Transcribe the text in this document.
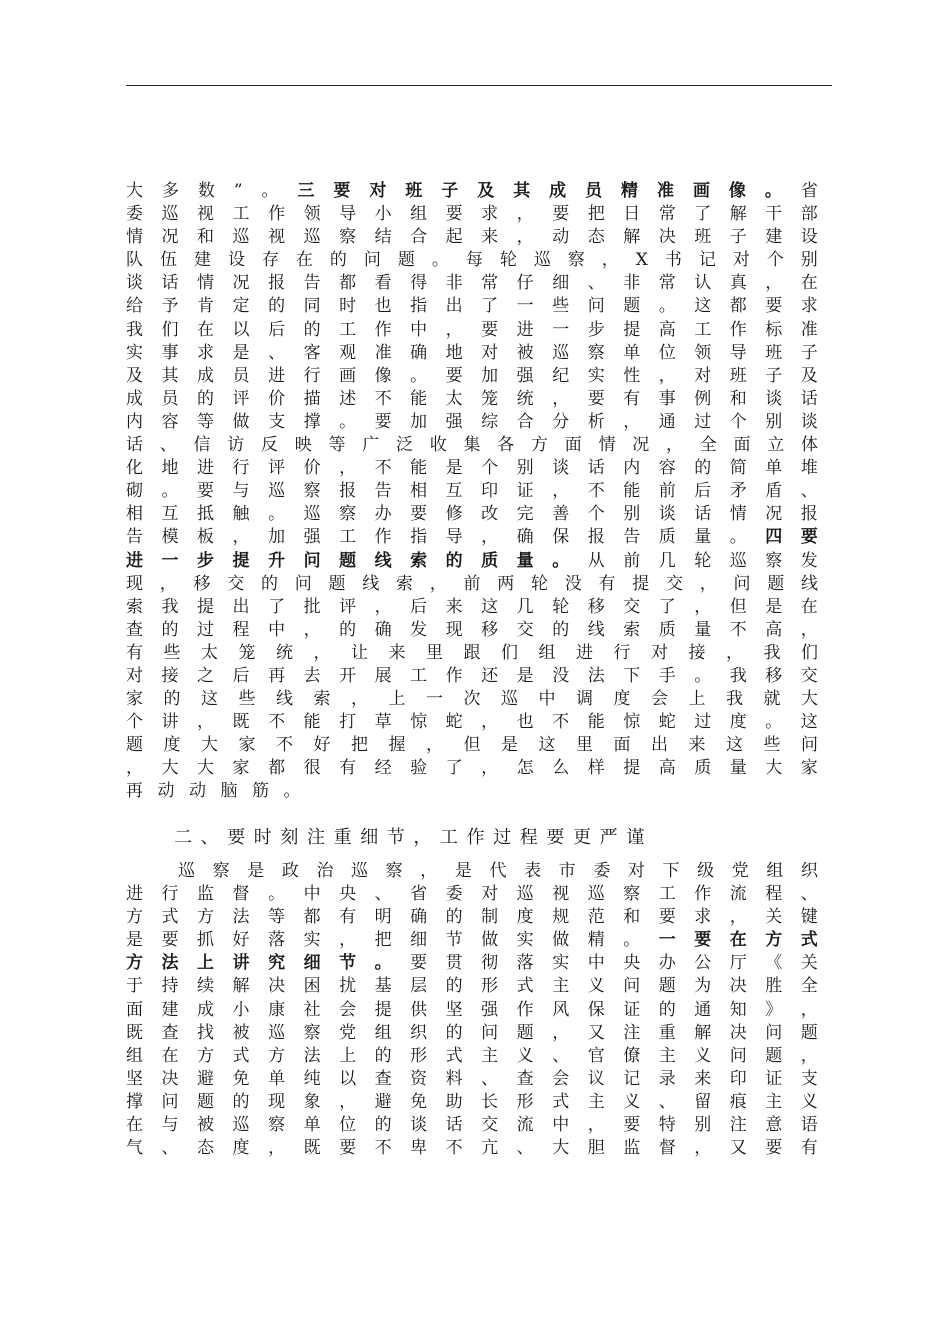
大 多 数 ” 。 三 要 对 班 子 及 其 成 员 精 准 画 像 。 省
委 巡 视 工 作 领 导 小 组 要 求 ， 要 把 日 常 了 解 干 部
情 况 和 巡 视 巡 察 结 合 起 来 ， 动 态 解 决 班 子 建 设
队 伍 建 设 存 在 的 问 题 。 每 轮 巡 察 ， X 书 记 对 个 别
谈 话 情 况 报 告 都 看 得 非 常 仔 细 、 非 常 认 真 ， 在
给 予 肯 定 的 同 时 也 指 出 了 一 些 问 题 。 这 都 要 求
我 们 在 以 后 的 工 作 中 ， 要 进 一 步 提 高 工 作 标 准
实 事 求 是 、 客 观 准 确 地 对 被 巡 察 单 位 领 导 班 子
及 其 成 员 进 行 画 像 。 要 加 强 纪 实 性 ， 对 班 子 及
成 员 的 评 价 描 述 不 能 太 笼 统 ， 要 有 事 例 和 谈 话
内 容 等 做 支 撑 。 要 加 强 综 合 分 析 ， 通 过 个 别 谈
话 、 信 访 反 映 等 广 泛 收 集 各 方 面 情 况 ， 全 面 立 体
化 地 进 行 评 价 ， 不 能 是 个 别 谈 话 内 容 的 简 单 堆
砌 。 要 与 巡 察 报 告 相 互 印 证 ， 不 能 前 后 矛 盾 、
相 互 抵 触 。 巡 察 办 要 修 改 完 善 个 别 谈 话 情 况 报
告 模 板 ， 加 强 工 作 指 导 ， 确 保 报 告 质 量 。 四 要
进 一 步 提 升 问 题 线 索 的 质 量 。 从 前 几 轮 巡 察 发
现 ， 移 交 的 问 题 线 索 ， 前 两 轮 没 有 提 交 ， 问 题 线
索 我 提 出 了 批 评 ， 后 来 这 几 轮 移 交 了 ， 但 是 在
查 的 过 程 中 ， 的 确 发 现 移 交 的 线 索 质 量 不 高 ，
有 些 太 笼 统 ， 让 来 里 跟 们 组 进 行 对 接 ， 我 们
对 接 之 后 再 去 开 展 工 作 还 是 没 法 下 手 。 我 移 交
家 的 这 些 线 索 ， 上 一 次 巡 中 调 度 会 上 我 就 大
个 讲 ， 既 不 能 打 草 惊 蛇 ， 也 不 能 惊 蛇 过 度 。 这
题 度 大 家 不 好 把 握 ， 但 是 这 里 面 出 来 这 些 问
， 大 大 家 都 很 有 经 验 了 ， 怎 么 样 提 高 质 量 大 家
再 动 动 脑 筋 。
二、要时刻注重细节，工作过程要更严谨
巡 察 是 政 治 巡 察 ， 是 代 表 市 委 对 下 级 党 组 织
进 行 监 督 。 中 央 、 省 委 对 巡 视 巡 察 工 作 流 程 、
方 式 方 法 等 都 有 明 确 的 制 度 规 范 和 要 求 ， 关 键
是 要 抓 好 落 实 ， 把 细 节 做 实 做 精 。 一 要 在 方 式
方 法 上 讲 究 细 节 。 要 贯 彻 落 实 中 央 办 公 厅 《 关
于 持 续 解 决 困 扰 基 层 的 形 式 主 义 问 题 为 决 胜 全
面 建 成 小 康 社 会 提 供 坚 强 作 风 保 证 的 通 知 》 ，
既 查 找 被 巡 察 党 组 织 的 问 题 ， 又 注 重 解 决 问 题
组 在 方 式 方 法 上 的 形 式 主 义 、 官 僚 主 义 问 题 ，
坚 决 避 免 单 纯 以 查 资 料 、 查 会 议 记 录 来 印 证 支
撑 问 题 的 现 象 ， 避 免 助 长 形 式 主 义 、 留 痕 主 义
在 与 被 巡 察 单 位 的 谈 话 交 流 中 ， 要 特 别 注 意 语
气 、 态 度 ， 既 要 不 卑 不 亢 、 大 胆 监 督 ， 又 要 有
